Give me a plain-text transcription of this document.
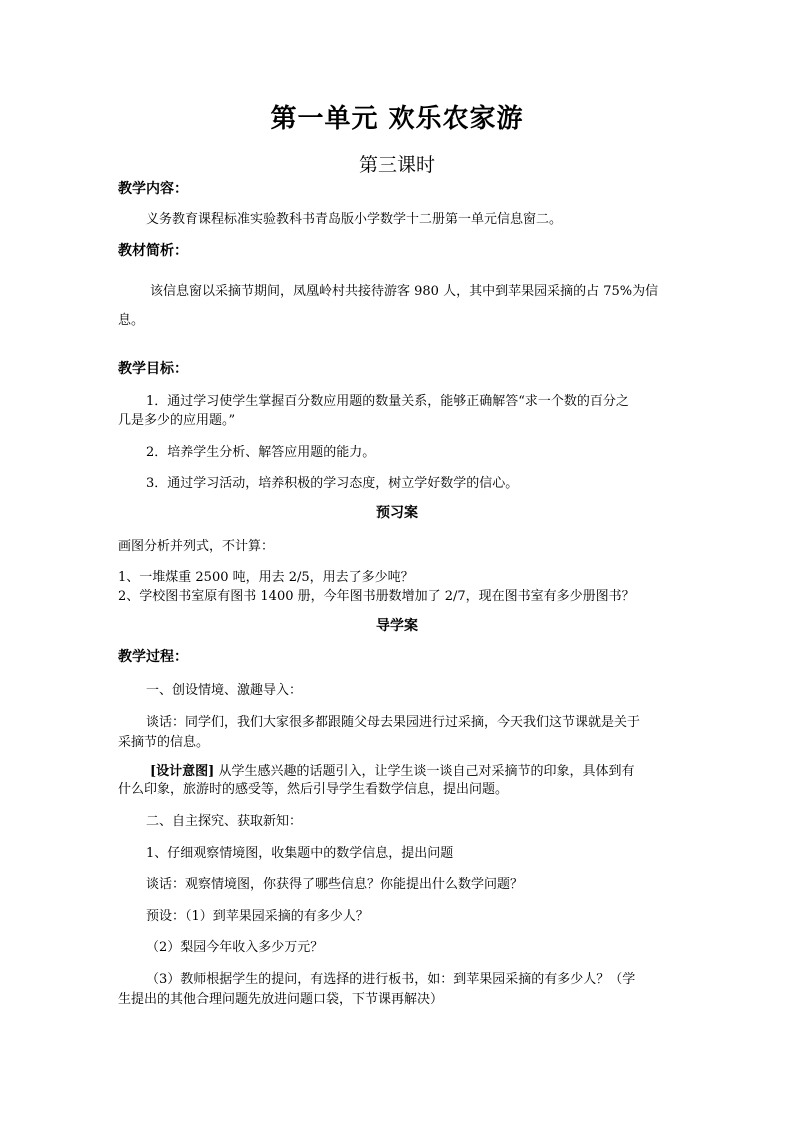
第一单元 欢乐农家游
第三课时
教学内容：
义务教育课程标准实验教科书青岛版小学数学十二册第一单元信息窗二。
教材简析：
该信息窗以采摘节期间，凤凰岭村共接待游客 980 人，其中到苹果园采摘的占 75%为信
息。
教学目标：
1．通过学习使学生掌握百分数应用题的数量关系，能够正确解答“求一个数的百分之
几是多少的应用题。”
2．培养学生分析、解答应用题的能力。
3．通过学习活动，培养积极的学习态度，树立学好数学的信心。
预习案
画图分析并列式，不计算：
1、一堆煤重 2500 吨，用去 2/5，用去了多少吨？
2、学校图书室原有图书 1400 册，今年图书册数增加了 2/7，现在图书室有多少册图书？
导学案
教学过程：
一、创设情境、激趣导入：
谈话：同学们，我们大家很多都跟随父母去果园进行过采摘，今天我们这节课就是关于
采摘节的信息。
[设计意图] 从学生感兴趣的话题引入，让学生谈一谈自己对采摘节的印象，具体到有
什么印象，旅游时的感受等，然后引导学生看数学信息，提出问题。
二、自主探究、获取新知：
1、仔细观察情境图，收集题中的数学信息，提出问题
谈话：观察情境图，你获得了哪些信息？你能提出什么数学问题？
预设：（1）到苹果园采摘的有多少人？
（2）梨园今年收入多少万元？
（3）教师根据学生的提问，有选择的进行板书，如：到苹果园采摘的有多少人？（学
生提出的其他合理问题先放进问题口袋，下节课再解决）
